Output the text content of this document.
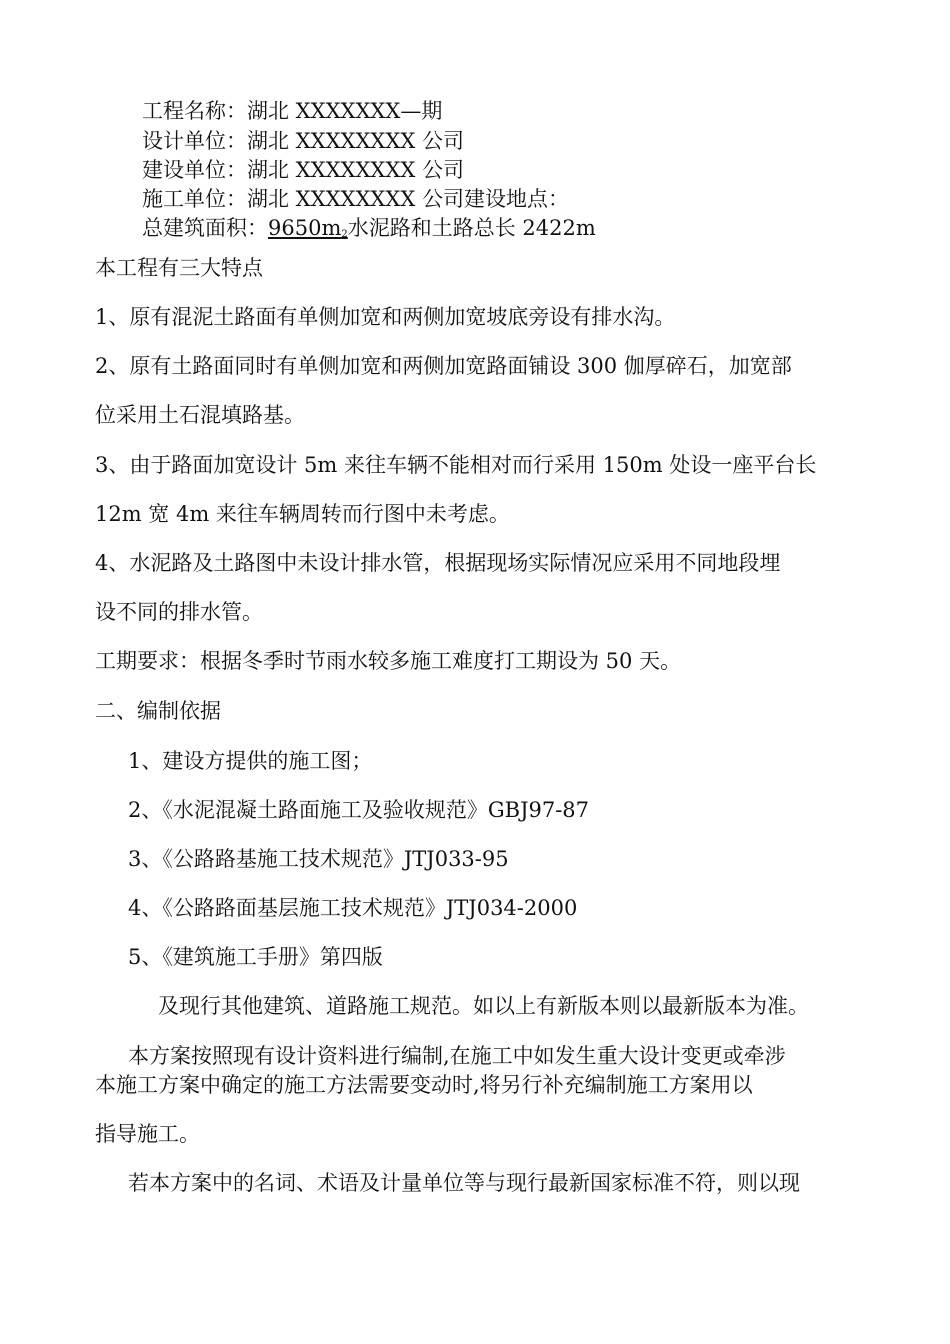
工程名称：湖北 XXXXXXX—期
设计单位：湖北 XXXXXXXX 公司
建设单位：湖北 XXXXXXXX 公司
施工单位：湖北 XXXXXXXX 公司建设地点：
总建筑面积：9650m2水泥路和土路总长 2422m
本工程有三大特点
1、原有混泥土路面有单侧加宽和两侧加宽坡底旁设有排水沟。
2、原有土路面同时有单侧加宽和两侧加宽路面铺设 300 伽厚碎石，加宽部
位采用土石混填路基。
3、由于路面加宽设计 5m 来往车辆不能相对而行采用 150m 处设一座平台长
12m 宽 4m 来往车辆周转而行图中未考虑。
4、水泥路及土路图中未设计排水管，根据现场实际情况应采用不同地段埋
设不同的排水管。
工期要求：根据冬季时节雨水较多施工难度打工期设为 50 天。
二、编制依据
1、建设方提供的施工图；
2、《水泥混凝土路面施工及验收规范》GBJ97-87
3、《公路路基施工技术规范》JTJ033-95
4、《公路路面基层施工技术规范》JTJ034-2000
5、《建筑施工手册》第四版
及现行其他建筑、道路施工规范。如以上有新版本则以最新版本为准。
本方案按照现有设计资料进行编制,在施工中如发生重大设计变更或牵涉
本施工方案中确定的施工方法需要变动时,将另行补充编制施工方案用以
指导施工。
若本方案中的名词、术语及计量单位等与现行最新国家标准不符，则以现
